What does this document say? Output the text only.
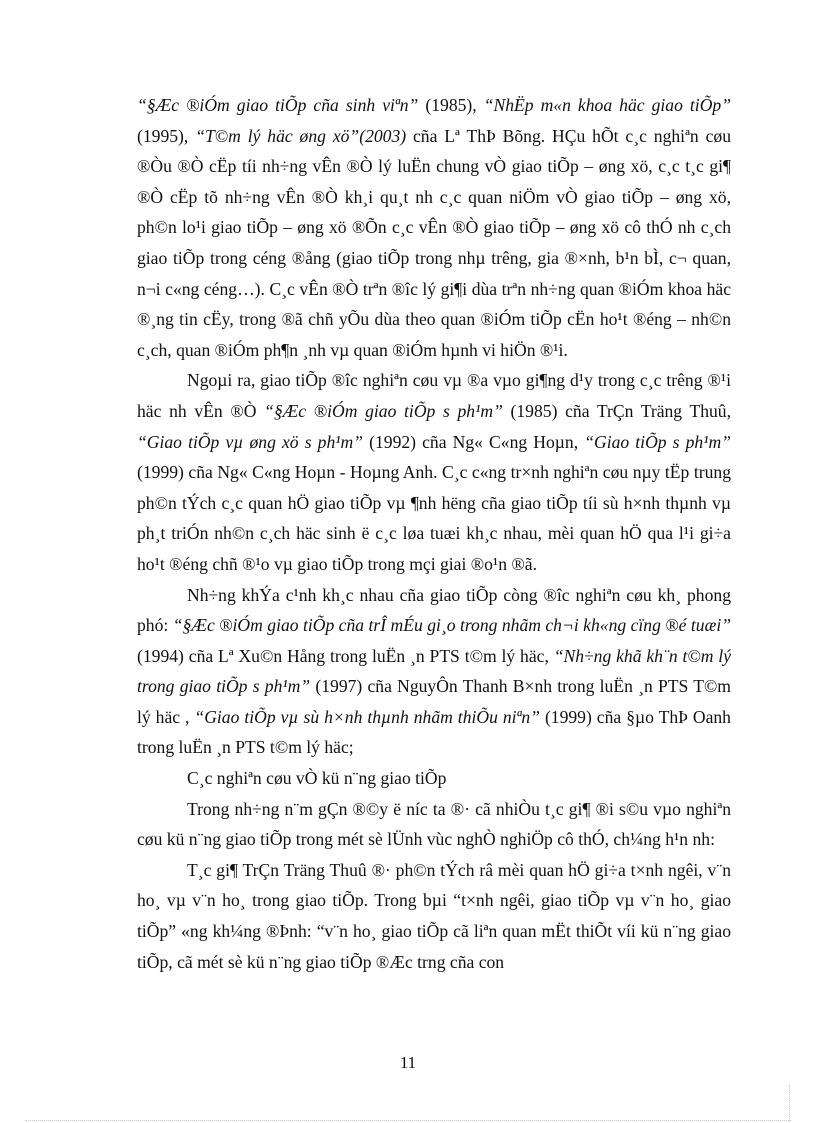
“§Æc ®iÓm giao tiÕp cña sinh viªn” (1985), “NhËp m«n khoa häc giao tiÕp” (1995), “T©m lý häc øng xö”(2003) cña Lª ThÞ Bõng. HÇu hÕt c¸c nghiªn cøu ®Òu ®Ò cËp tíi nh÷ng vÊn ®Ò lý luËn chung vÒ giao tiÕp – øng xö, c¸c t¸c gi¶ ®Ò cËp tõ nh÷ng vÊn ®Ò kh¸i qu¸t nh c¸c quan niÖm vÒ giao tiÕp – øng xö, ph©n lo¹i giao tiÕp – øng xö ®Õn c¸c vÊn ®Ò giao tiÕp – øng xö cô thÓ nh c¸ch giao tiÕp trong céng ®ång (giao tiÕp trong nhµ trêng, gia ®×nh, b¹n bÌ, c¬ quan, n¬i c«ng céng…). C¸c vÊn ®Ò trªn ®îc lý gi¶i dùa trªn nh÷ng quan ®iÓm khoa häc ®¸ng tin cËy, trong ®ã chñ yÕu dùa theo quan ®iÓm tiÕp cËn ho¹t ®éng – nh©n c¸ch, quan ®iÓm ph¶n ¸nh vµ quan ®iÓm hµnh vi hiÖn ®¹i.

Ngoµi ra, giao tiÕp ®îc nghiªn cøu vµ ®a vµo gi¶ng d¹y trong c¸c trêng ®¹i häc nh vÊn ®Ò “§Æc ®iÓm giao tiÕp s ph¹m” (1985) cña TrÇn Träng Thuû, “Giao tiÕp vµ øng xö s ph¹m” (1992) cña Ng« C«ng Hoµn, “Giao tiÕp s ph¹m” (1999) cña Ng« C«ng Hoµn - Hoµng Anh. C¸c c«ng tr×nh nghiªn cøu nµy tËp trung ph©n tÝch c¸c quan hÖ giao tiÕp vµ ¶nh hëng cña giao tiÕp tíi sù h×nh thµnh vµ ph¸t triÓn nh©n c¸ch häc sinh ë c¸c løa tuæi kh¸c nhau, mèi quan hÖ qua l¹i gi÷a ho¹t ®éng chñ ®¹o vµ giao tiÕp trong mçi giai ®o¹n ®ã.

Nh÷ng khÝa c¹nh kh¸c nhau cña giao tiÕp còng ®îc nghiªn cøu kh¸ phong phó: “§Æc ®iÓm giao tiÕp cña trÎ mÉu gi¸o trong nhãm ch¬i kh«ng cïng ®é tuæi” (1994) cña Lª Xu©n Hång trong luËn ¸n PTS t©m lý häc, “Nh÷ng khã kh¨n t©m lý trong giao tiÕp s ph¹m” (1997) cña NguyÔn Thanh B×nh trong luËn ¸n PTS T©m lý häc , “Giao tiÕp vµ sù h×nh thµnh nhãm thiÕu niªn” (1999) cña §µo ThÞ Oanh trong luËn ¸n PTS t©m lý häc;

C¸c nghiªn cøu vÒ kü n¨ng giao tiÕp

Trong nh÷ng n¨m gÇn ®©y ë níc ta ®· cã nhiÒu t¸c gi¶ ®i s©u vµo nghiªn cøu kü n¨ng giao tiÕp trong mét sè lÜnh vùc nghÒ nghiÖp cô thÓ, ch¼ng h¹n nh:

T¸c gi¶ TrÇn Träng Thuû ®· ph©n tÝch râ mèi quan hÖ gi÷a t×nh ngêi, v¨n ho¸ vµ v¨n ho¸ trong giao tiÕp. Trong bµi “t×nh ngêi, giao tiÕp vµ v¨n ho¸ giao tiÕp” «ng kh¼ng ®Þnh: “v¨n ho¸ giao tiÕp cã liªn quan mËt thiÕt víi kü n¨ng giao tiÕp, cã mét sè kü n¨ng giao tiÕp ®Æc trng cña con

11
